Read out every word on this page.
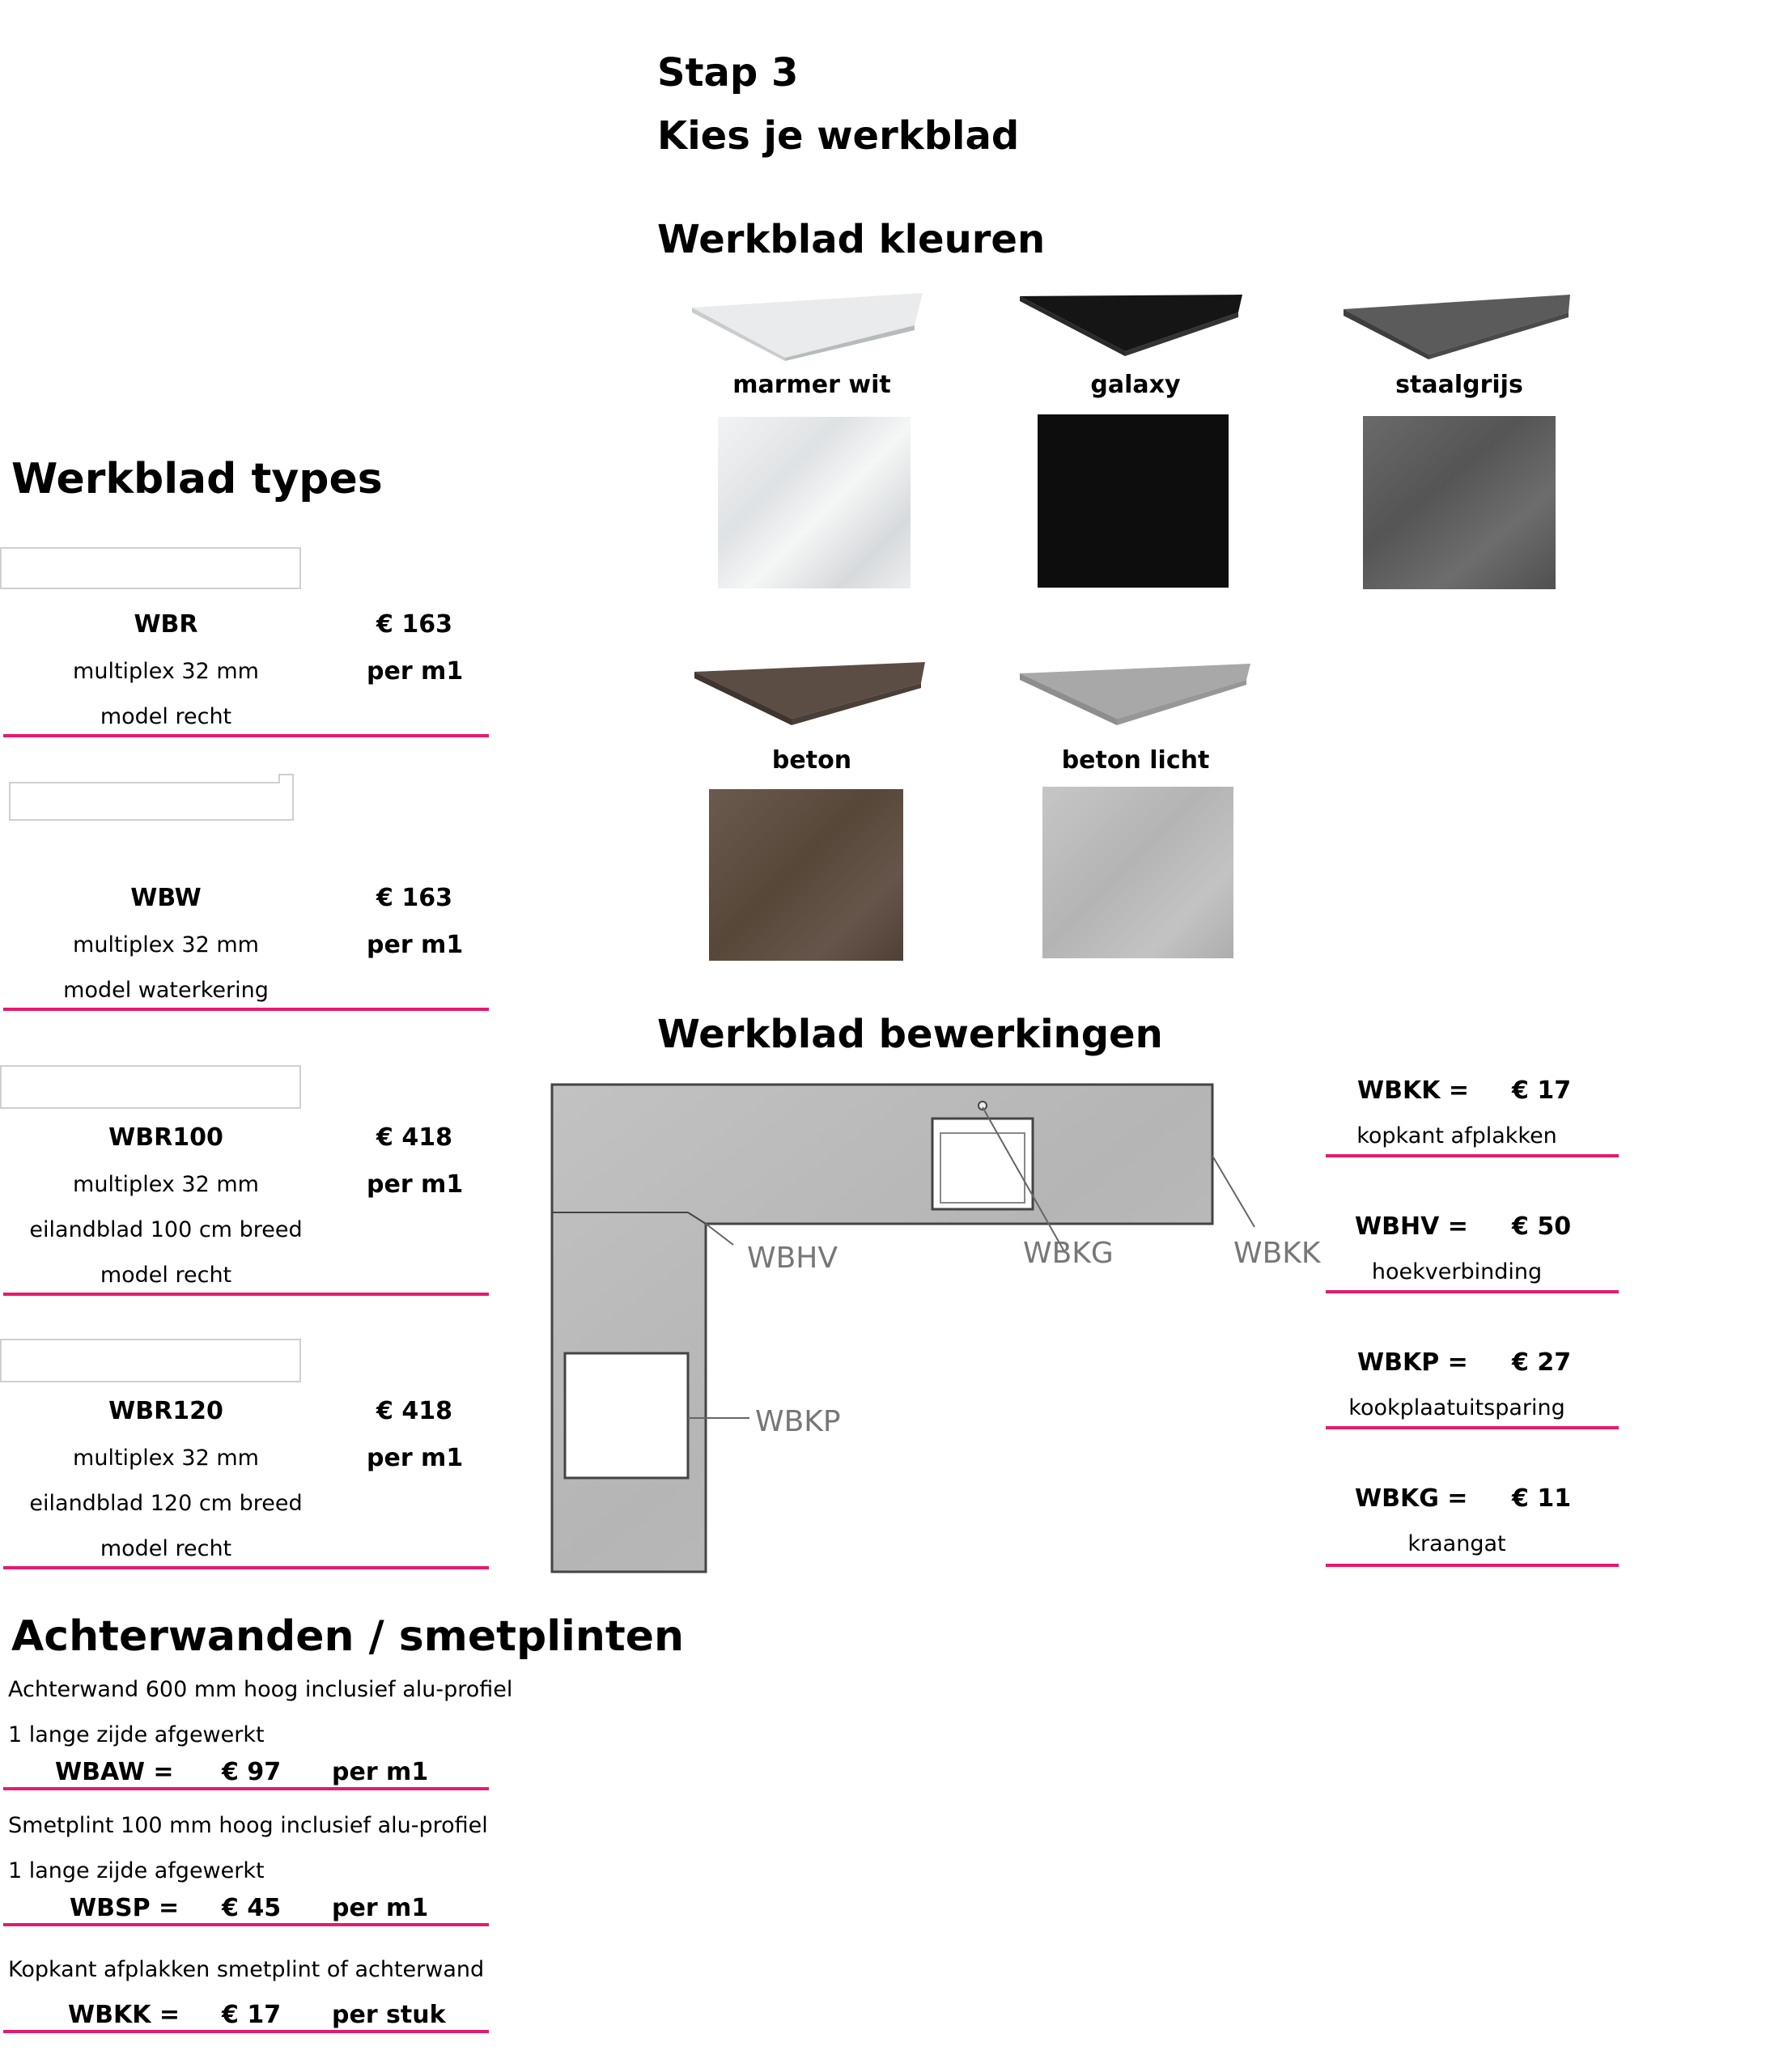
Stap 3
Kies je werkblad
Werkblad kleuren
marmer wit	galaxy	staalgrijs
beton	beton licht
Werkblad types
WBR	€ 163
multiplex 32 mm	per m1
model recht
WBW	€ 163
multiplex 32 mm	per m1
model waterkering
WBR100	€ 418
multiplex 32 mm	per m1
eilandblad 100 cm breed
model recht
WBR120	€ 418
multiplex 32 mm	per m1
eilandblad 120 cm breed
model recht
Werkblad bewerkingen
WBHV	WBKG	WBKK
WBKP
WBKK = € 17
kopkant afplakken
WBHV = € 50
hoekverbinding
WBKP = € 27
kookplaatuitsparing
WBKG = € 11
kraangat
Achterwanden / smetplinten
Achterwand 600 mm hoog inclusief alu-profiel
1 lange zijde afgewerkt
WBAW = € 97 per m1
Smetplint 100 mm hoog inclusief alu-profiel
1 lange zijde afgewerkt
WBSP = € 45 per m1
Kopkant afplakken smetplint of achterwand
WBKK = € 17 per stuk
